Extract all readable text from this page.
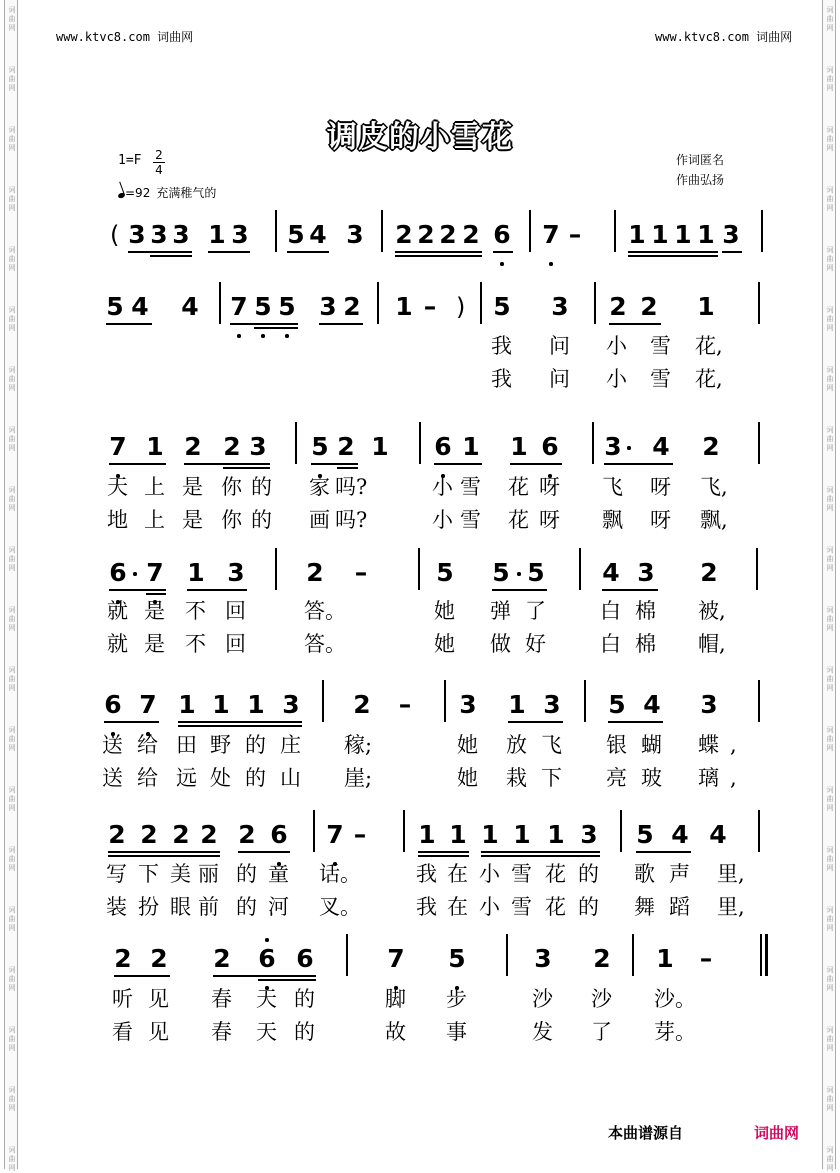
词
曲
网
词
曲
网
词
曲
网
词
曲
网
词
曲
网
词
曲
网
词
曲
网
词
曲
网
词
曲
网
词
曲
网
词
曲
网
词
曲
网
词
曲
网
词
曲
网
词
曲
网
词
曲
网
词
曲
网
词
曲
网
词
曲
网
词
曲
网
词
曲
网
词
曲
网
词
曲
网
词
曲
网
词
曲
网
词
曲
网
词
曲
网
词
曲
网
词
曲
网
词
曲
网
词
曲
网
词
曲
网
词
曲
网
词
曲
网
词
曲
网
词
曲
网
词
曲
网
词
曲
网
词
曲
网
词
曲
网
www.ktvc8.com 词曲网	www.ktvc8.com 词曲网
调皮的小雪花
$1=F \frac{2}{4}$
=92 充满稚气的
作词匿名
作曲弘扬
( 3 3 3 1 3 5 4 3 2 2 2 2 6 7 – 1 1 1 1 3
5 4 4 7 5 5 3 2 1 – ) 5 3 2 2 1
7 1 2 2 3 5 2 1 6 1 1 6 3 4 2
6 7 1 3 2 –	5 5 5 4 3 2
6 7 1 1 1 3 2 – 3 1 3 5 4 3
2 2 2 2 2 6 7 – 1 1 1 1 1 3 5 4 4
2 2 2 6 6	7 5	3 2 1 –
我 问 小 雪 花,
我 问 小 雪 花,
天 上 是 你 的 家 吗?	小 雪 花 呀 飞 呀 飞,
地 上 是 你 的 画 吗?	小 雪 花 呀 飘 呀 飘,
就 是 不 回	答。	她 弹 了	白 棉 被,
就 是 不 回	答。	她 做 好	白 棉 帽,
送 给 田 野 的 庄 稼;	她 放 飞 银 蝴 蝶 ,
送 给 远 处 的 山 崖;	她 栽 下 亮 玻 璃 ,
写 下 美 丽 的 童 话。	我 在 小 雪 花 的 歌 声 里,
装 扮 眼 前 的 河 叉。	我 在 小 雪 花 的 舞 蹈 里,
听 见 春 天 的	脚 步	沙 沙 沙。
看 见 春 天 的	故 事	发 了 芽。
本曲谱源自	词曲网
